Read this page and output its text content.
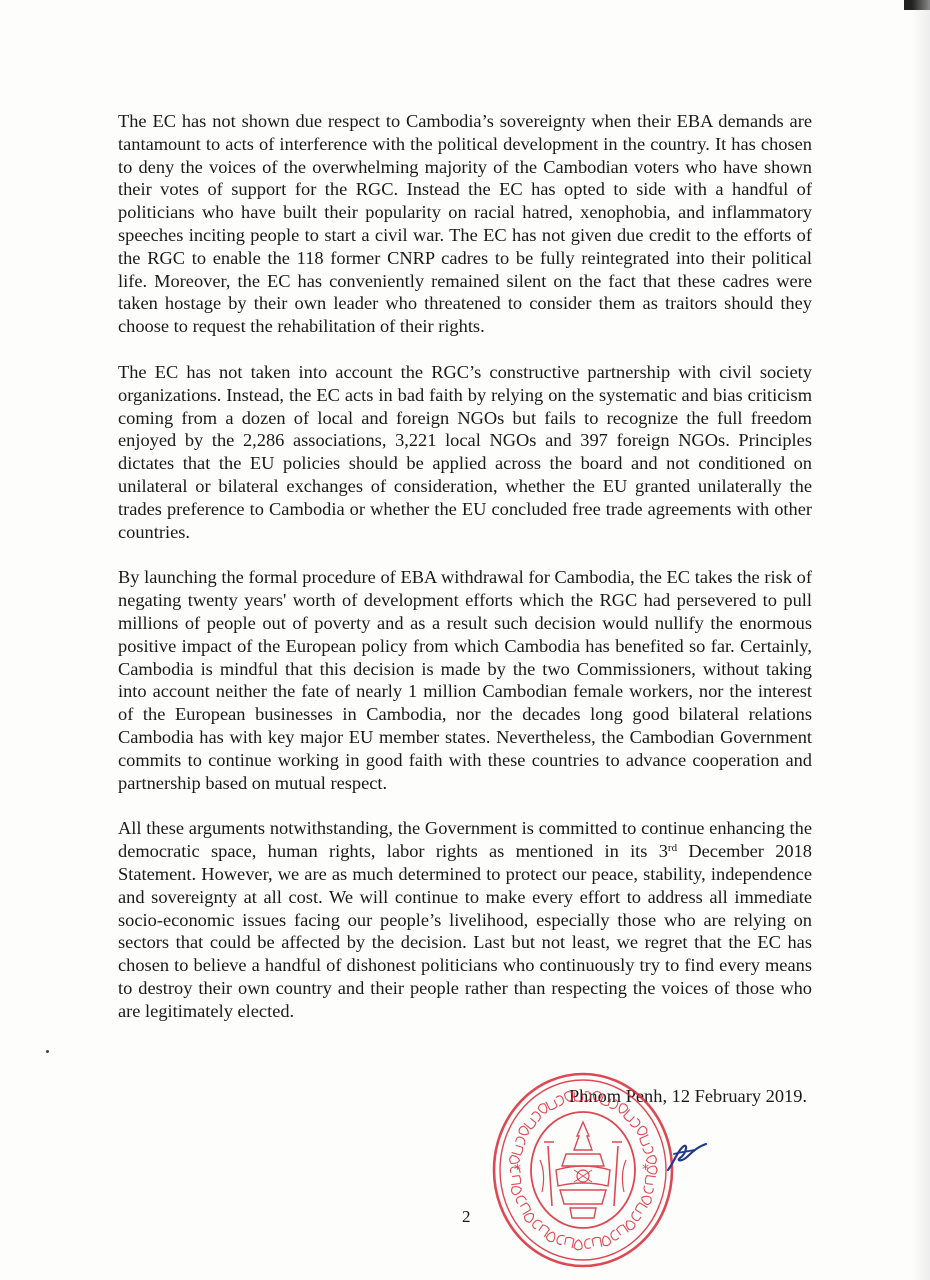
The EC has not shown due respect to Cambodia’s sovereignty when their EBA demands are tantamount to acts of interference with the political development in the country. It has chosen to deny the voices of the overwhelming majority of the Cambodian voters who have shown their votes of support for the RGC. Instead the EC has opted to side with a handful of politicians who have built their popularity on racial hatred, xenophobia, and inflammatory speeches inciting people to start a civil war. The EC has not given due credit to the efforts of the RGC to enable the 118 former CNRP cadres to be fully reintegrated into their political life. Moreover, the EC has conveniently remained silent on the fact that these cadres were taken hostage by their own leader who threatened to consider them as traitors should they choose to request the rehabilitation of their rights.

The EC has not taken into account the RGC’s constructive partnership with civil society organizations. Instead, the EC acts in bad faith by relying on the systematic and bias criticism coming from a dozen of local and foreign NGOs but fails to recognize the full freedom enjoyed by the 2,286 associations, 3,221 local NGOs and 397 foreign NGOs. Principles dictates that the EU policies should be applied across the board and not conditioned on unilateral or bilateral exchanges of consideration, whether the EU granted unilaterally the trades preference to Cambodia or whether the EU concluded free trade agreements with other countries.

By launching the formal procedure of EBA withdrawal for Cambodia, the EC takes the risk of negating twenty years' worth of development efforts which the RGC had persevered to pull millions of people out of poverty and as a result such decision would nullify the enormous positive impact of the European policy from which Cambodia has benefited so far. Certainly, Cambodia is mindful that this decision is made by the two Commissioners, without taking into account neither the fate of nearly 1 million Cambodian female workers, nor the interest of the European businesses in Cambodia, nor the decades long good bilateral relations Cambodia has with key major EU member states. Nevertheless, the Cambodian Government commits to continue working in good faith with these countries to advance cooperation and partnership based on mutual respect.

All these arguments notwithstanding, the Government is committed to continue enhancing the democratic space, human rights, labor rights as mentioned in its 3rd December 2018 Statement. However, we are as much determined to protect our peace, stability, independence and sovereignty at all cost. We will continue to make every effort to address all immediate socio-economic issues facing our people’s livelihood, especially those who are relying on sectors that could be affected by the decision. Last but not least, we regret that the EC has chosen to believe a handful of dishonest politicians who continuously try to find every means to destroy their own country and their people rather than respecting the voices of those who are legitimately elected.

Phnom Penh, 12 February 2019.
*	*
2
